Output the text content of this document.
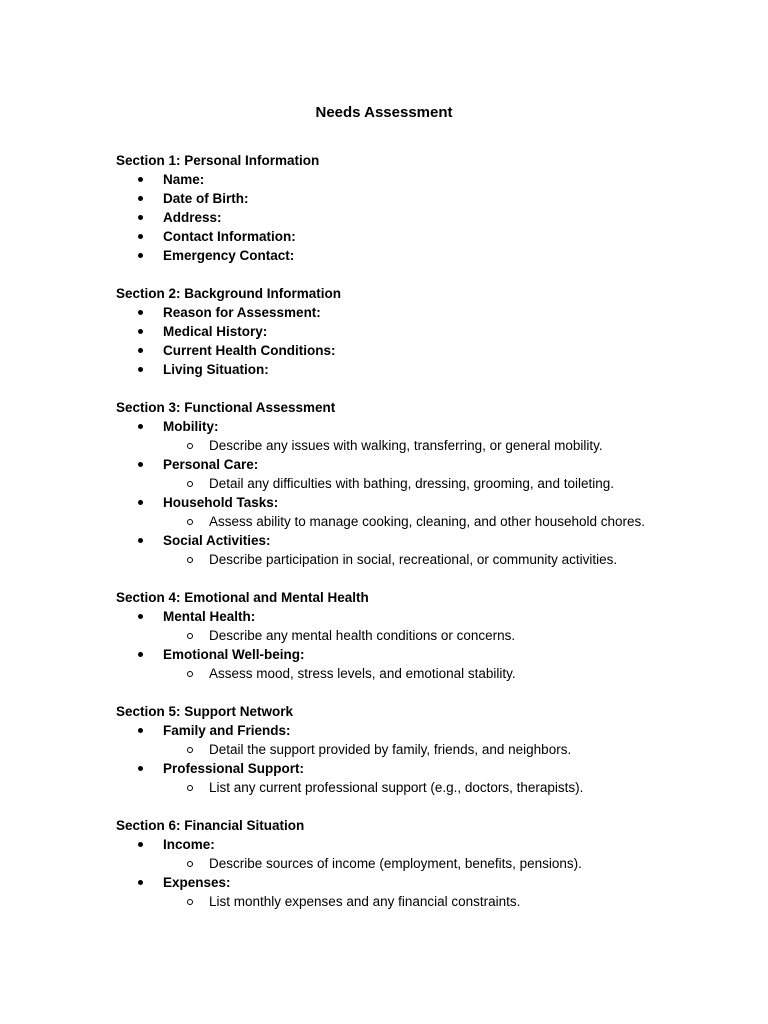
Needs Assessment
Section 1: Personal Information
Name:
Date of Birth:
Address:
Contact Information:
Emergency Contact:
Section 2: Background Information
Reason for Assessment:
Medical History:
Current Health Conditions:
Living Situation:
Section 3: Functional Assessment
Mobility:
Describe any issues with walking, transferring, or general mobility.
Personal Care:
Detail any difficulties with bathing, dressing, grooming, and toileting.
Household Tasks:
Assess ability to manage cooking, cleaning, and other household chores.
Social Activities:
Describe participation in social, recreational, or community activities.
Section 4: Emotional and Mental Health
Mental Health:
Describe any mental health conditions or concerns.
Emotional Well-being:
Assess mood, stress levels, and emotional stability.
Section 5: Support Network
Family and Friends:
Detail the support provided by family, friends, and neighbors.
Professional Support:
List any current professional support (e.g., doctors, therapists).
Section 6: Financial Situation
Income:
Describe sources of income (employment, benefits, pensions).
Expenses:
List monthly expenses and any financial constraints.
